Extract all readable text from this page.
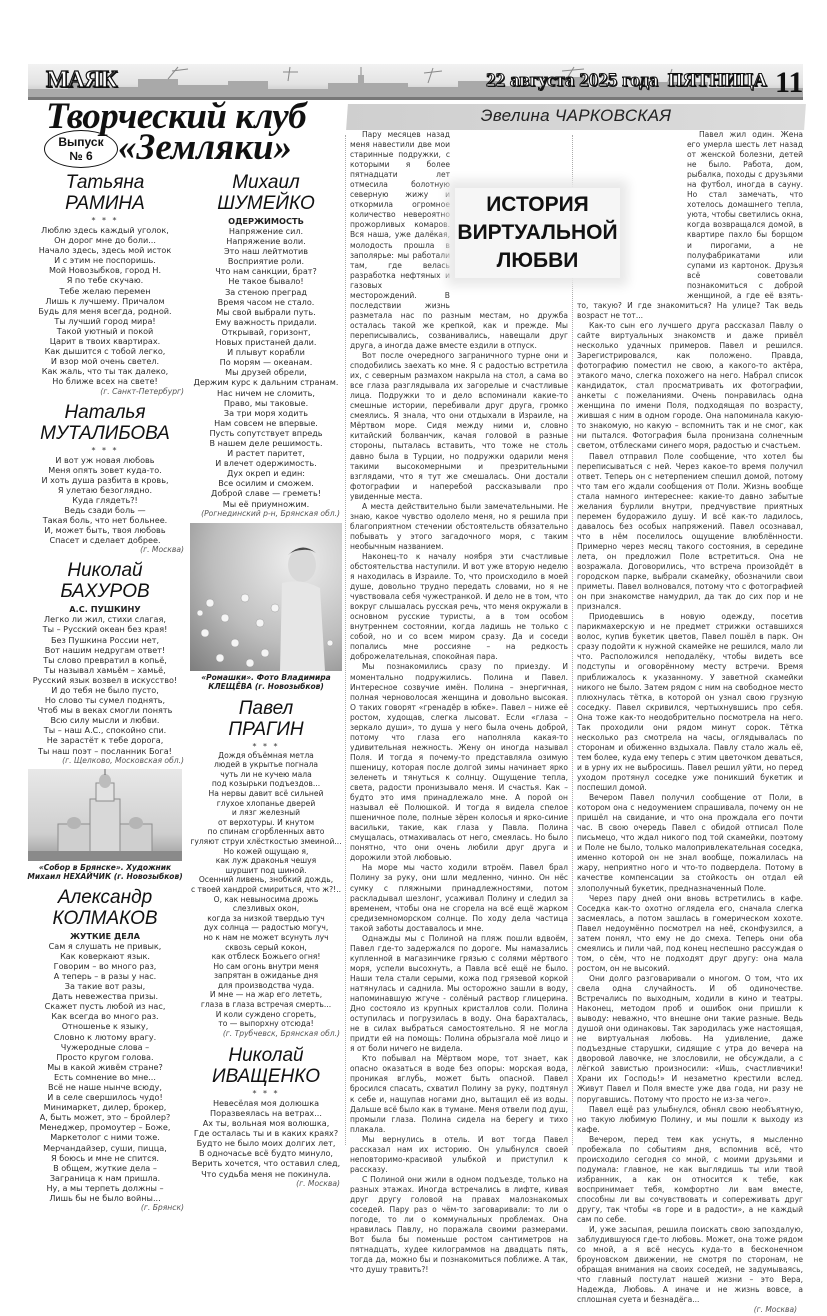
МАЯК	22 августа 2025 года ПЯТНИЦА 11
Творческий клуб
Выпуск
№ 6 «Земляки»
Татьяна
РАМИНА
* * *
Люблю здесь каждый уголок,
Он дорог мне до боли...
Начало здесь, здесь мой исток
И с этим не поспоришь.
Мой Новозыбков, город Н.
Я по тебе скучаю.
Тебе желаю перемен
Лишь к лучшему. Причалом
Будь для меня всегда, родной.
Ты лучший город мира!
Такой уютный и покой
Царит в твоих квартирах.
Как дышится с тобой легко,
И взор мой очень светел.
Как жаль, что ты так далеко,
Но ближе всех на свете!
(г. Санкт-Петербург)
Наталья
МУТАЛИБОВА
* * *
И вот уж новая любовь
Меня опять зовет куда-то.
И хоть душа разбита в кровь,
Я улетаю безоглядно.
Куда глядеть?!
Ведь сзади боль —
Такая боль, что нет больнее.
И, может быть, твоя любовь
Спасет и сделает добрее.
(г. Москва)
Николай
БАХУРОВ
А.С. ПУШКИНУ
Легко ли жил, стихи слагая,
Ты – Русский океан без края!
Без Пушкина России нет,
Вот нашим недругам ответ!
Ты слово превратил в копьё,
Ты называл хамьём – хамьё,
Русский язык возвел в искусство!
И до тебя не было пусто,
Но слово ты сумел поднять,
Чтоб мы в веках смогли понять
Всю силу мысли и любви.
Ты – наш А.С., спокойно спи.
Не зарастёт к тебе дорога,
Ты наш поэт – посланник Бога!
(г. Щелково, Московская обл.)
«Собор в Брянске». Художник
Михаил НЕХАЙЧИК (г. Новозыбков)
Александр
КОЛМАКОВ
ЖУТКИЕ ДЕЛА
Сам я слушать не привык,
Как коверкают язык.
Говорим – во много раз,
А теперь – в разы у нас.
За такие вот разы,
Дать невежества призы.
Скажет пусть любой из нас,
Как всегда во много раз.
Отношенье к языку,
Словно к лютому врагу.
Чужеродные слова –
Просто кругом голова.
Мы в какой живём стране?
Есть сомнение во мне...
Всё не наше нынче всюду,
И в селе свершилось чудо!
Минимаркет, дилер, брокер,
А, быть может, это – бройлер?
Менеджер, промоутер – Боже,
Маркетолог с ними тоже.
Мерчандайзер, суши, пицца,
Я боюсь и мне не спится.
В общем, жуткие дела –
Заграница к нам пришла.
Ну, а мы терпеть должны –
Лишь бы не было войны...
(г. Брянск)
Михаил
ШУМЕЙКО
ОДЕРЖИМОСТЬ
Напряжение сил.
Напряжение воли.
Это наш лейтмотив
Восприятие роли.
Что нам санкции, брат?
Не такое бывало!
За стеною преград
Время часом не стало.
Мы свой выбрали путь.
Ему важность придали.
Открывай, горизонт,
Новых пристаней дали.
И плывут корабли
По морям — океанам.
Мы друзей обрели,
Держим курс к дальним странам.
Нас ничем не сломить,
Право, мы таковые.
За три моря ходить
Нам совсем не впервые.
Пусть сопутствует впредь
В нашем деле решимость.
И растет паритет,
И влечет одержимость.
Дух окреп и един:
Все осилим и сможем.
Доброй славе — греметь!
Мы её приумножим.
(Рогнединский р-н, Брянская обл.)
«Ромашки». Фото Владимира
КЛЕЩЁВА (г. Новозыбков)
Павел
ПРАГИН
* * *
Дождя объёмная метла
людей в укрытье погнала
чуть ли не кучею мала
под козырьки подъездов...
На нервы давит всё сильней
глухое хлопанье дверей
и лязг железный
от верхотуры. И кнутом
по спинам сгорбленных авто
гуляют струи хлёсткостью змеиной...
Но кожей ощущаю я,
как луж драконья чешуя
шуршит под шиной.
Осенний ливень, знобкий дождь,
с твоей хандрой смириться, что ж?!..
О, как невыносима дрожь
слезливых окон,
когда за низкой твердью туч
дух солнца — радостью могуч,
но к нам не может всунуть луч
сквозь серый кокон,
как отблеск Божьего огня!
Но сам огонь внутри меня
запрятан в ожиданье дня
для производства чуда.
И мне — на жар его лететь,
глаза в глаза встречая смерть...
И коли суждено сгореть,
то — выпорхну отсюда!
(г. Трубчевск, Брянская обл.)
Николай
ИВАЩЕНКО
* * *
Невесёлая моя долюшка
Поразвеялась на ветрах...
Ах ты, вольная моя волюшка,
Где осталась ты и в каких краях?
Будто не было моих долгих лет,
В одночасье всё будто минуло,
Верить хочется, что оставил след,
Что судьба меня не покинула.
(г. Москва)
Эвелина ЧАРКОВСКАЯ

Пару месяцев назад меня навестили две мои старинные подружки, с которыми я более пятнадцати лет отмесила болотную северную жижу и откормила огромное количество невероятно прожорливых комаров. Вся наша, уже далёкая, молодость прошла в заполярье: мы работали там, где велась разработка нефтяных и газовых месторождений. В последствии жизнь разметала нас по разным местам, но дружба осталась такой же крепкой, как и прежде. Мы переписывались, созванивались, навещали друг друга, а иногда даже вместе ездили в отпуск.

Вот после очередного заграничного турне они и сподобились заехать ко мне. Я с радостью встретила их, с северным размахом накрыла на стол, а сама во все глаза разглядывала их загорелые и счастливые лица. Подружки то и дело вспоминали какие-то смешные истории, перебивали друг друга, громко смеялись. Я знала, что они отдыхали в Израиле, на Мёртвом море. Сидя между ними и, словно китайский болванчик, качая головой в разные стороны, пыталась вставить, что тоже не столь давно была в Турции, но подружки одарили меня такими высокомерными и презрительными взглядами, что я тут же смешалась. Они достали фотографии и наперебой рассказывали про увиденные места.

А места действительно были замечательными. Не знаю, какое чувство одолело меня, но я решила при благоприятном стечении обстоятельств обязательно побывать у этого загадочного моря, с таким необычным названием.

Наконец-то к началу ноября эти счастливые обстоятельства наступили. И вот уже вторую неделю я находилась в Израиле. То, что происходило в моей душе, довольно трудно передать словами, но я не чувствовала себя чужестранкой. И дело не в том, что вокруг слышалась русская речь, что меня окружали в основном русские туристы, а в том особом внутреннем состоянии, когда ладишь не только с собой, но и со всем миром сразу. Да и соседи попались мне россияне – на редкость доброжелательная, спокойная пара.

Мы познакомились сразу по приезду. И моментально подружились. Полина и Павел. Интересное созвучие имён. Полина – энергичная, полная черноволосая женщина и довольно высокая. О таких говорят «гренадёр в юбке». Павел – ниже её ростом, худощав, слегка лысоват. Если «глаза – зеркало души», то душа у него была очень доброй, потому что глаза его наполняла какая-то удивительная нежность. Жену он иногда называл Поля. И тогда я почему-то представляла озимую пшеницу, которая после долгой зимы начинает ярко зеленеть и тянуться к солнцу. Ощущение тепла, света, радости пронизывало меня. И счастья. Как – будто это имя принадлежало мне. А порой он называл её Полюшкой. И тогда я видела спелое пшеничное поле, полные зёрен колосья и ярко-синие васильки, такие, как глаза у Павла. Полина смущалась, отмахивалась от него, смеялась. Но было понятно, что они очень любили друг друга и дорожили этой любовью.

На море мы часто ходили втроём. Павел брал Полину за руку, они шли медленно, чинно. Он нёс сумку с пляжными принадлежностями, потом раскладывал шезлонг, усаживал Полину и следил за временем, чтобы она не сгорела на всё ещё жарком средиземноморском солнце. По ходу дела частица такой заботы доставалось и мне.

Однажды мы с Полиной на пляж пошли вдвоём, Павел где-то задержался по дороге. Мы намазались купленной в магазинчике грязью с солями мёртвого моря, успели высохнуть, а Павла всё ещё не было. Наши тела стали серыми, кожа под грязевой коркой натянулась и саднила. Мы осторожно зашли в воду, напоминавшую жгуче - солёный раствор глицерина. Дно состояло из крупных кристаллов соли. Полина оступилась и погрузилась в воду. Она барахталась, не в силах выбраться самостоятельно. Я не могла придти ей на помощь: Полина обрызгала моё лицо и я от боли ничего не видела.

Кто побывал на Мёртвом море, тот знает, как опасно оказаться в воде без опоры: морская вода, проникая вглубь, может быть опасной. Павел бросился спасать, схватил Полину за руку, подтянул к себе и, нащупав ногами дно, вытащил её из воды. Дальше всё было как в тумане. Меня отвели под душ, промыли глаза. Полина сидела на берегу и тихо плакала.

Мы вернулись в отель. И вот тогда Павел рассказал нам их историю. Он улыбнулся своей неповторимо-красивой улыбкой и приступил к рассказу.

С Полиной они жили в одном подъезде, только на разных этажах. Иногда встречались в лифте, кивая друг другу головой на правах малознакомых соседей. Пару раз о чём-то заговаривали: то ли о погоде, то ли о коммунальных проблемах. Она нравилась Павлу, но поражала своими размерами. Вот была бы поменьше ростом сантиметров на пятнадцать, худее килограммов на двадцать пять, тогда да, можно бы и познакомиться поближе. А так, что душу травить?!

Павел жил один. Жена его умерла шесть лет назад от женской болезни, детей не было. Работа, дом, рыбалка, походы с друзьями на футбол, иногда в сауну. Но стал замечать, что хотелось домашнего тепла, уюта, чтобы светились окна, когда возвращался домой, в квартире пахло бы борщом и пирогами, а не полуфабрикатами или супами из картонок. Друзья всё советовали познакомиться с доброй женщиной, а где её взять-то, такую? И где знакомиться? На улице? Так ведь возраст не тот...

Как-то сын его лучшего друга рассказал Павлу о сайте виртуальных знакомств и даже привёл несколько удачных примеров. Павел и решился. Зарегистрировался, как положено. Правда, фотографию поместил не свою, а какого-то актёра, этакого мачо, слегка похожего на него. Набрал список кандидаток, стал просматривать их фотографии, анкеты с пожеланиями. Очень понравилась одна женщина по имени Поля, подходящая по возрасту, жившая с ним в одном городе. Она напоминала какую-то знакомую, но какую – вспомнить так и не смог, как ни пытался. Фотография была пронизана солнечным светом, отблесками синего моря, радостью и счастьем.

Павел отправил Поле сообщение, что хотел бы переписываться с ней. Через какое-то время получил ответ. Теперь он с нетерпением спешил домой, потому что там его ждали сообщения от Поли. Жизнь вообще стала намного интереснее: какие-то давно забытые желания бурлили внутри, предчувствие приятных перемен будоражило душу. И всё как-то ладилось, давалось без особых напряжений. Павел осознавал, что в нём поселилось ощущение влюблённости. Примерно через месяц такого состояния, в середине лета, он предложил Поле встретиться. Она не возражала. Договорились, что встреча произойдёт в городском парке, выбрали скамейку, обозначили свои приметы. Павел волновался, потому что с фотографией он при знакомстве намудрил, да так до сих пор и не признался.

Приодевшись в новую одежду, посетив парикмахерскую и не предмет стрижки оставшихся волос, купив букетик цветов, Павел пошёл в парк. Он сразу подойти к нужной скамейке не решился, мало ли что. Расположился неподалёку, чтобы видеть все подступы и оговорённому месту встречи. Время приближалось к указанному. У заветной скамейки никого не было. Затем рядом с ним на свободное место плюхнулась тётка, в которой он узнал свою грузную соседку. Павел скривился, чертыхнувшись про себя. Она тоже как-то неодобрительно посмотрела на него. Так проходили они рядом минут сорок. Тётка несколько раз смотрела на часы, оглядывалась по сторонам и обиженно вздыхала. Павлу стало жаль её, тем более, куда ему теперь с этим цветочком деваться, и в урну их не выбросишь. Павел решил уйти, но перед уходом протянул соседке уже поникший букетик и поспешил домой.

Вечером Павел получил сообщение от Поли, в котором она с недоумением спрашивала, почему он не пришёл на свидание, и что она прождала его почти час. В свою очередь Павел с обидой отписал Поле письмецо, что ждал никого под той скамейки, поэтому и Поле не было, только малопривлекательная соседка, именно которой он не знал вообще, пожалилась на жару, неприятно ного и что-то подвердела. Потому в качестве компенсации за стойкость он отдал ей злополучный букетик, предназначенный Поле.

Через пару дней они вновь встретились в кафе. Соседка как-то охотно оглядела его, сначала слегка засмеялась, а потом зашлась в гомерическом хохоте. Павел недоумённо посмотрел на неё, сконфузился, а затем понял, что ему не до смеха. Теперь они оба смеялись и пили чай, под конец неспешно рассуждая о том, о сём, что не подходят друг другу: она мала ростом, он не высокий.

Они долго разговаривали о многом. О том, что их свела одна случайность. И об одиночестве. Встречались по выходным, ходили в кино и театры. Наконец, методом проб и ошибок они пришли к выводу: неважно, что внешне они такие разные. Ведь душой они одинаковы. Так зародилась уже настоящая, не виртуальная любовь. На удивление, даже подъездные старушки, сидящие с утра до вечера на дворовой лавочке, не злословили, не обсуждали, а с лёгкой завистью произносили: «Ишь, счастливчики! Храни их Господь!» И незаметно крестили вслед. Живут Павел и Поля вместе уже два года, ни разу не поругавшись. Потому что просто не из-за чего».

Павел ещё раз улыбнулся, обнял свою необъятную, но такую любимую Полину, и мы пошли к выходу из кафе.

Вечером, перед тем как уснуть, я мысленно пробежала по событиям дня, вспомнив всё, что происходило сегодня со мной, с моими друзьями и подумала: главное, не как выглядишь ты или твой избранник, а как он относится к тебе, как воспринимает тебя, комфортно ли вам вместе, способны ли вы сочувствовать и сопереживать друг другу, так чтобы «в горе и в радости», а не каждый сам по себе.

И, уже засыпая, решила поискать свою запоздалую, заблудившуюся где-то любовь. Может, она тоже рядом со мной, а я всё несусь куда-то в бесконечном броуновском движении, не смотря по сторонам, не обращая внимания на своих соседей, не задумываясь, что главный постулат нашей жизни – это Вера, Надежда, Любовь. А иначе и не жизнь вовсе, а сплошная суета и безнадёга...

(г. Москва)
ИСТОРИЯ
ВИРТУАЛЬНОЙ
ЛЮБВИ
